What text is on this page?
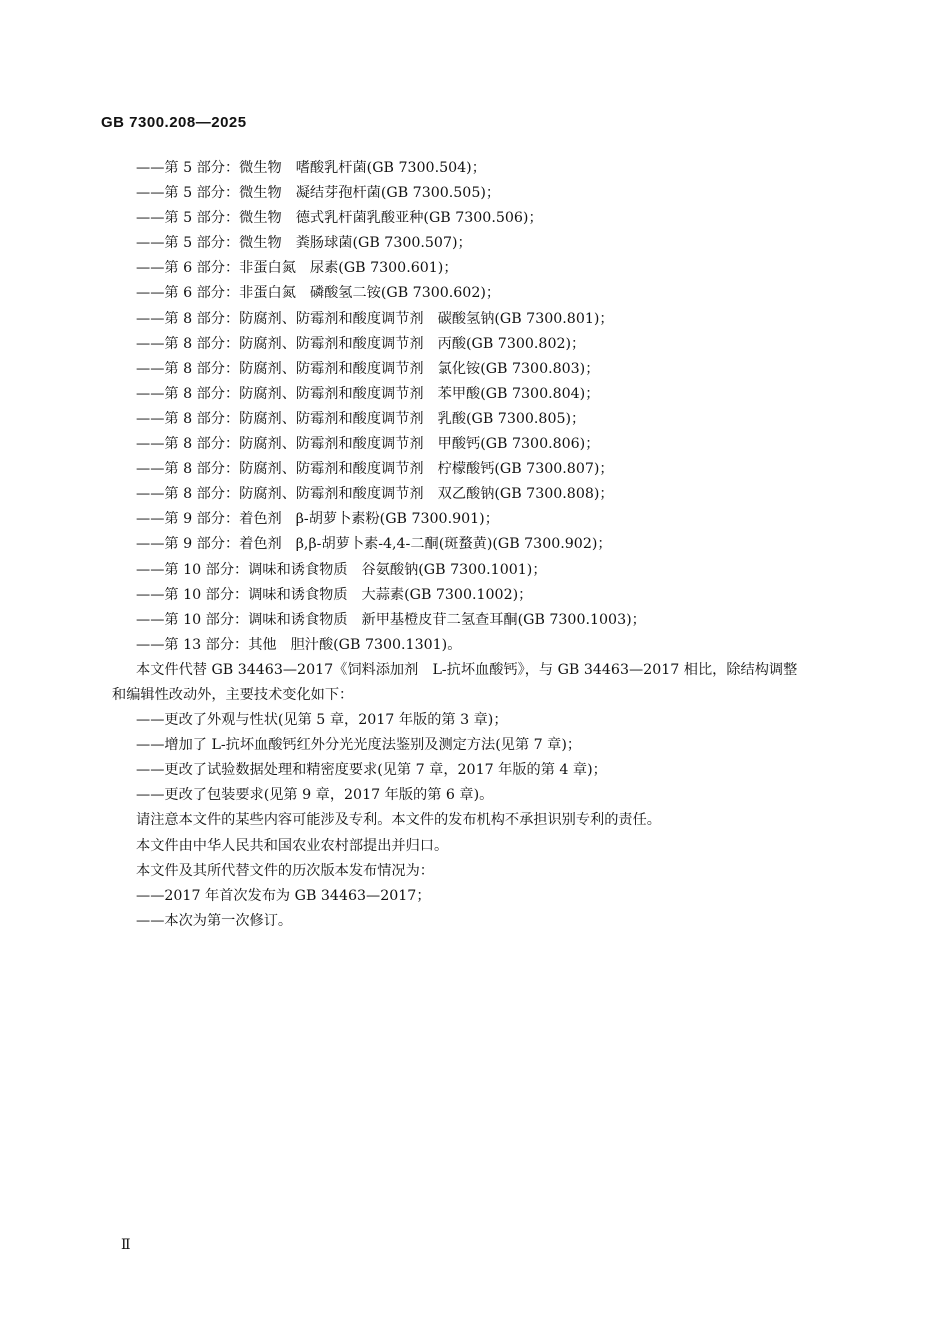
GB 7300.208—2025
——第 5 部分：微生物 嗜酸乳杆菌(GB 7300.504)；
——第 5 部分：微生物 凝结芽孢杆菌(GB 7300.505)；
——第 5 部分：微生物 德式乳杆菌乳酸亚种(GB 7300.506)；
——第 5 部分：微生物 粪肠球菌(GB 7300.507)；
——第 6 部分：非蛋白氮 尿素(GB 7300.601)；
——第 6 部分：非蛋白氮 磷酸氢二铵(GB 7300.602)；
——第 8 部分：防腐剂、防霉剂和酸度调节剂 碳酸氢钠(GB 7300.801)；
——第 8 部分：防腐剂、防霉剂和酸度调节剂 丙酸(GB 7300.802)；
——第 8 部分：防腐剂、防霉剂和酸度调节剂 氯化铵(GB 7300.803)；
——第 8 部分：防腐剂、防霉剂和酸度调节剂 苯甲酸(GB 7300.804)；
——第 8 部分：防腐剂、防霉剂和酸度调节剂 乳酸(GB 7300.805)；
——第 8 部分：防腐剂、防霉剂和酸度调节剂 甲酸钙(GB 7300.806)；
——第 8 部分：防腐剂、防霉剂和酸度调节剂 柠檬酸钙(GB 7300.807)；
——第 8 部分：防腐剂、防霉剂和酸度调节剂 双乙酸钠(GB 7300.808)；
——第 9 部分：着色剂 β-胡萝卜素粉(GB 7300.901)；
——第 9 部分：着色剂 β,β-胡萝卜素-4,4-二酮(斑蝥黄)(GB 7300.902)；
——第 10 部分：调味和诱食物质 谷氨酸钠(GB 7300.1001)；
——第 10 部分：调味和诱食物质 大蒜素(GB 7300.1002)；
——第 10 部分：调味和诱食物质 新甲基橙皮苷二氢查耳酮(GB 7300.1003)；
——第 13 部分：其他 胆汁酸(GB 7300.1301)。
本文件代替 GB 34463—2017《饲料添加剂　L-抗坏血酸钙》，与 GB 34463—2017 相比，除结构调整
和编辑性改动外，主要技术变化如下：
——更改了外观与性状(见第 5 章，2017 年版的第 3 章)；
——增加了 L-抗坏血酸钙红外分光光度法鉴别及测定方法(见第 7 章)；
——更改了试验数据处理和精密度要求(见第 7 章，2017 年版的第 4 章)；
——更改了包装要求(见第 9 章，2017 年版的第 6 章)。
请注意本文件的某些内容可能涉及专利。本文件的发布机构不承担识别专利的责任。
本文件由中华人民共和国农业农村部提出并归口。
本文件及其所代替文件的历次版本发布情况为：
——2017 年首次发布为 GB 34463—2017；
——本次为第一次修订。
Ⅱ
